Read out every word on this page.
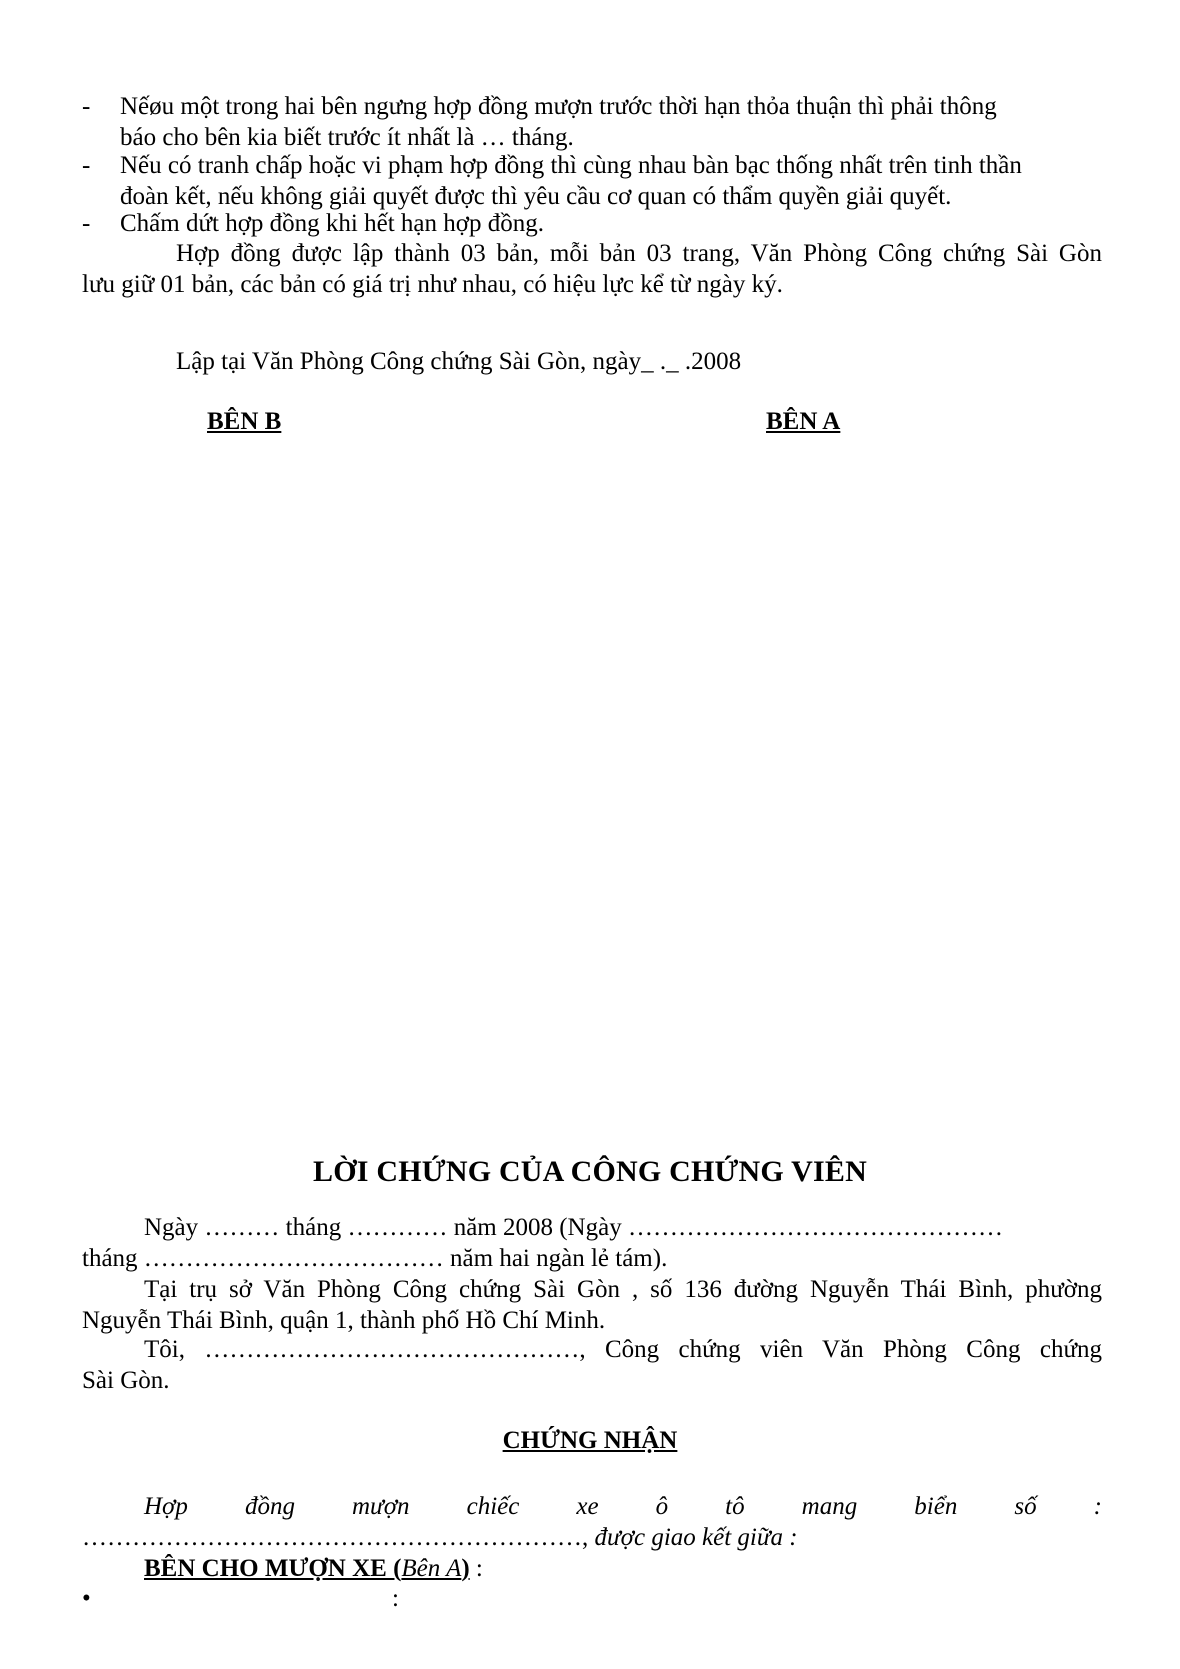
- Nếøu một trong hai bên ngưng hợp đồng mượn trước thời hạn thỏa thuận thì phải thông
báo cho bên kia biết trước ít nhất là … tháng.
- Nếu có tranh chấp hoặc vi phạm hợp đồng thì cùng nhau bàn bạc thống nhất trên tinh thần
đoàn kết, nếu không giải quyết được thì yêu cầu cơ quan có thẩm quyền giải quyết.
- Chấm dứt hợp đồng khi hết hạn hợp đồng.
Hợp đồng được lập thành 03 bản, mỗi bản 03 trang, Văn Phòng Công chứng Sài Gòn
lưu giữ 01 bản, các bản có giá trị như nhau, có hiệu lực kể từ ngày ký.
Lập tại Văn Phòng Công chứng Sài Gòn, ngày_ ._ .2008
BÊN B	BÊN A
LỜI CHỨNG CỦA CÔNG CHỨNG VIÊN
Ngày ……… tháng ………… năm 2008 (Ngày ………………………………………
tháng ……………………………… năm hai ngàn lẻ tám).
Tại trụ sở Văn Phòng Công chứng Sài Gòn , số 136 đường Nguyễn Thái Bình, phường
Nguyễn Thái Bình, quận 1, thành phố Hồ Chí Minh.
Tôi, ………………………………………, Công chứng viên Văn Phòng Công chứng
Sài Gòn.
CHỨNG NHẬN
Hợp đồng mượn chiếc xe ô tô mang biển số :
……………………………………………………, được giao kết giữa :
BÊN CHO MƯỢN XE (Bên A) :
•	:
